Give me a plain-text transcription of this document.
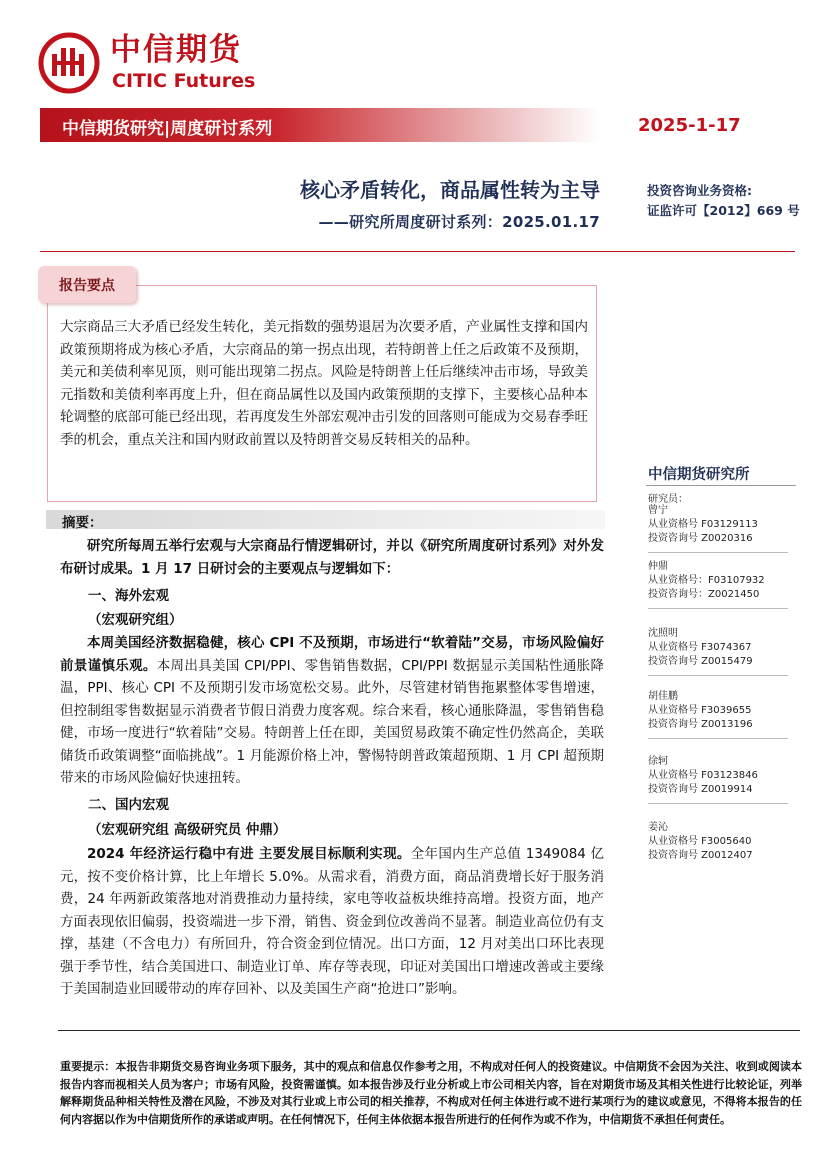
中信期货
CITIC Futures
中信期货研究|周度研讨系列	2025-1-17
核心矛盾转化，商品属性转为主导
——研究所周度研讨系列：2025.01.17
投资咨询业务资格:
证监许可【2012】669 号
报告要点
大宗商品三大矛盾已经发生转化，美元指数的强势退居为次要矛盾，产业属性支撑和国内政策预期将成为核心矛盾，大宗商品的第一拐点出现，若特朗普上任之后政策不及预期，美元和美债利率见顶，则可能出现第二拐点。风险是特朗普上任后继续冲击市场，导致美元指数和美债利率再度上升，但在商品属性以及国内政策预期的支撑下，主要核心品种本轮调整的底部可能已经出现，若再度发生外部宏观冲击引发的回落则可能成为交易春季旺季的机会，重点关注和国内财政前置以及特朗普交易反转相关的品种。
中信期货研究所
研究员：
曾宁
从业资格号 F03129113
投资咨询号 Z0020316
仲鼎
从业资格号：F03107932
投资咨询号：Z0021450
沈照明
从业资格号 F3074367
投资咨询号 Z0015479
胡佳鹏
从业资格号 F3039655
投资咨询号 Z0013196
徐轲
从业资格号 F03123846
投资咨询号 Z0019914
姜沁
从业资格号 F3005640
投资咨询号 Z0012407
摘要：

研究所每周五举行宏观与大宗商品行情逻辑研讨，并以《研究所周度研讨系列》对外发布研讨成果。1 月 17 日研讨会的主要观点与逻辑如下：

一、海外宏观
（宏观研究组）

本周美国经济数据稳健，核心 CPI 不及预期，市场进行“软着陆”交易，市场风险偏好前景谨慎乐观。本周出具美国 CPI/PPI、零售销售数据，CPI/PPI 数据显示美国粘性通胀降温，PPI、核心 CPI 不及预期引发市场宽松交易。此外，尽管建材销售拖累整体零售增速，但控制组零售数据显示消费者节假日消费力度客观。综合来看，核心通胀降温，零售销售稳健，市场一度进行“软着陆”交易。特朗普上任在即，美国贸易政策不确定性仍然高企，美联储货币政策调整“面临挑战”。1 月能源价格上冲，警惕特朗普政策超预期、1 月 CPI 超预期带来的市场风险偏好快速扭转。

二、国内宏观
（宏观研究组 高级研究员 仲鼎）

2024 年经济运行稳中有进 主要发展目标顺利实现。全年国内生产总值 1349084 亿元，按不变价格计算，比上年增长 5.0%。从需求看，消费方面，商品消费增长好于服务消费，24 年两新政策落地对消费推动力量持续，家电等收益板块维持高增。投资方面，地产方面表现依旧偏弱，投资端进一步下滑，销售、资金到位改善尚不显著。制造业高位仍有支撑，基建（不含电力）有所回升，符合资金到位情况。出口方面，12 月对美出口环比表现强于季节性，结合美国进口、制造业订单、库存等表现，印证对美国出口增速改善或主要缘于美国制造业回暖带动的库存回补、以及美国生产商“抢进口”影响。

重要提示：本报告非期货交易咨询业务项下服务，其中的观点和信息仅作参考之用，不构成对任何人的投资建议。中信期货不会因为关注、收到或阅读本报告内容而视相关人员为客户；市场有风险，投资需谨慎。如本报告涉及行业分析或上市公司相关内容，旨在对期货市场及其相关性进行比较论证，列举解释期货品种相关特性及潜在风险，不涉及对其行业或上市公司的相关推荐，不构成对任何主体进行或不进行某项行为的建议或意见，不得将本报告的任何内容据以作为中信期货所作的承诺或声明。在任何情况下，任何主体依据本报告所进行的任何作为或不作为，中信期货不承担任何责任。
